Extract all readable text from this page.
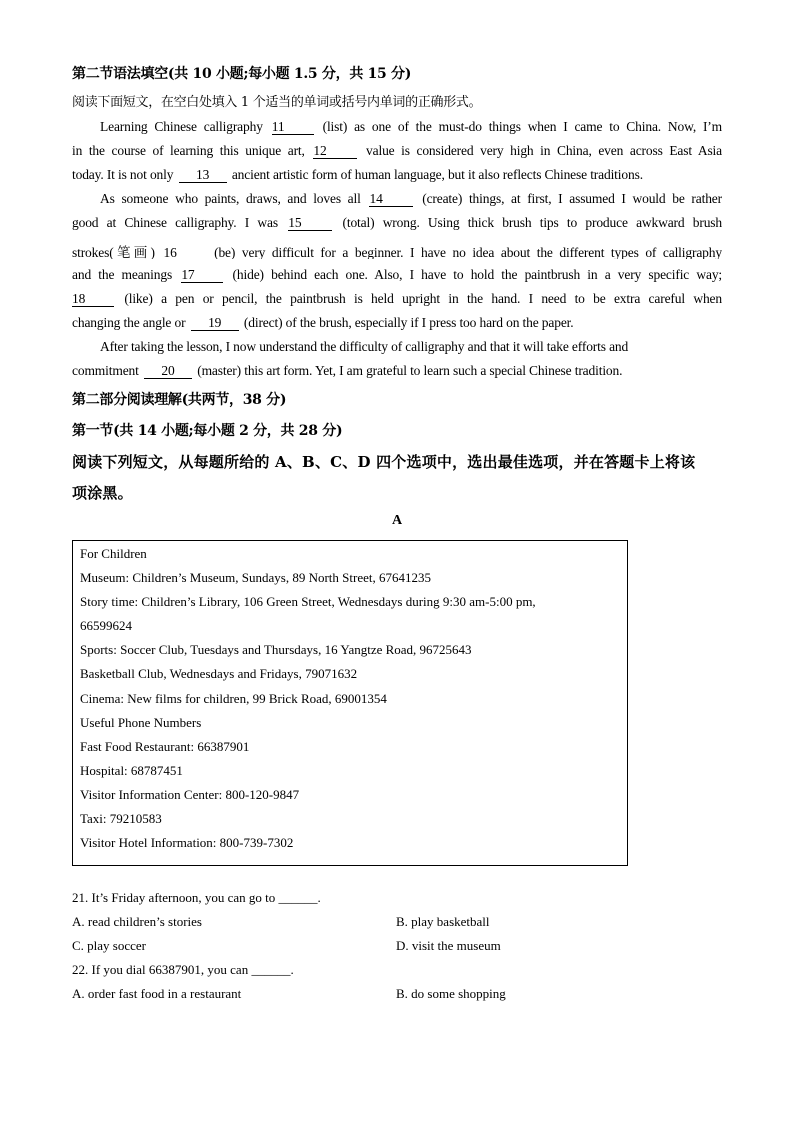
第二节语法填空(共 10 小题;每小题 1.5 分，共 15 分)
阅读下面短文，在空白处填入 1 个适当的单词或括号内单词的正确形式。
Learning Chinese calligraphy 11	(list) as one of the must-do things when I came to China. Now, I’m
in the course of learning this unique art, 12	value is considered very high in China, even across East Asia
today. It is not only 13 ancient artistic form of human language, but it also reflects Chinese traditions.
As someone who paints, draws, and loves all 14	(create) things, at first, I assumed I would be rather
good at Chinese calligraphy. I was 15	(total) wrong. Using thick brush tips to produce awkward brush
strokes(笔画) 16	(be) very difficult for a beginner. I have no idea about the different types of calligraphy
and the meanings 17	(hide) behind each one. Also, I have to hold the paintbrush in a very specific way;
18	(like) a pen or pencil, the paintbrush is held upright in the hand. I need to be extra careful when
changing the angle or 19 (direct) of the brush, especially if I press too hard on the paper.
After taking the lesson, I now understand the difficulty of calligraphy and that it will take efforts and
commitment 20 (master) this art form. Yet, I am grateful to learn such a special Chinese tradition.
第二部分阅读理解(共两节，38 分)
第一节(共 14 小题;每小题 2 分，共 28 分)
阅读下列短文，从每题所给的 A、B、C、D 四个选项中，选出最佳选项，并在答题卡上将该
项涂黑。
A
For Children
Museum: Children’s Museum, Sundays, 89 North Street, 67641235
Story time: Children’s Library, 106 Green Street, Wednesdays during 9:30 am-5:00 pm,
66599624
Sports: Soccer Club, Tuesdays and Thursdays, 16 Yangtze Road, 96725643
Basketball Club, Wednesdays and Fridays, 79071632
Cinema: New films for children, 99 Brick Road, 69001354
Useful Phone Numbers
Fast Food Restaurant: 66387901
Hospital: 68787451
Visitor Information Center: 800-120-9847
Taxi: 79210583
Visitor Hotel Information: 800-739-7302
21. It’s Friday afternoon, you can go to ______.
A. read children’s stories	B. play basketball
C. play soccer	D. visit the museum
22. If you dial 66387901, you can ______.
A. order fast food in a restaurant	B. do some shopping
